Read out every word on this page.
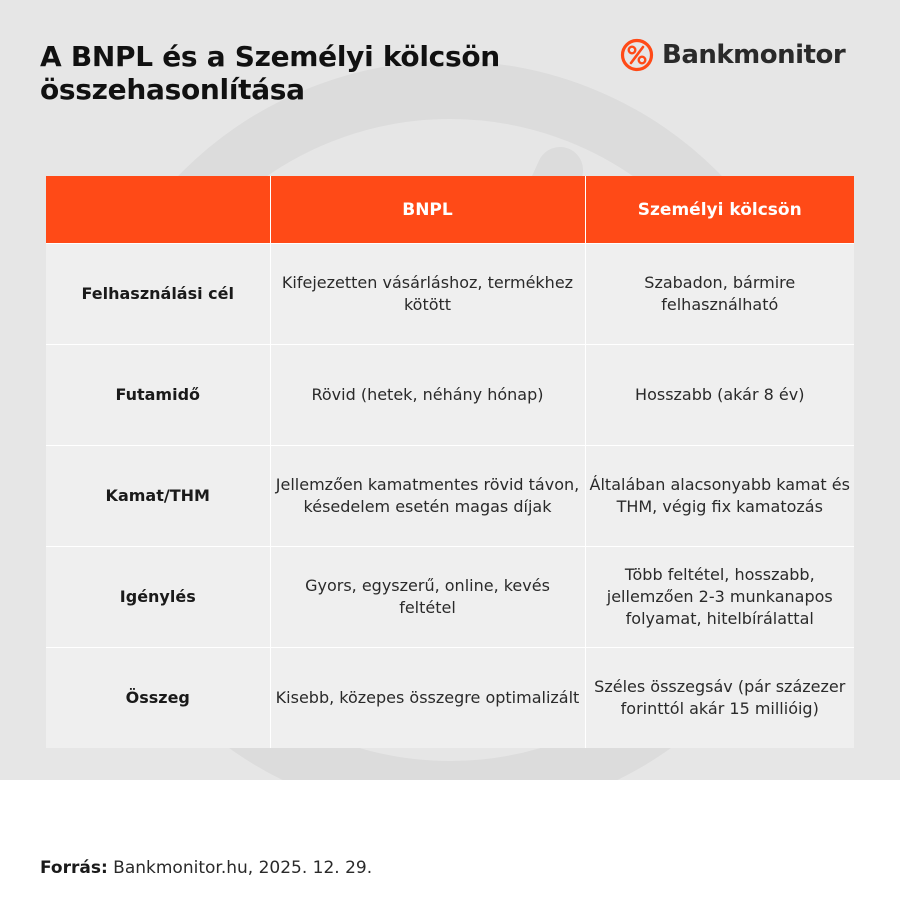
A BNPL és a Személyi kölcsön
összehasonlítása
Bankmonitor
	BNPL	Személyi kölcsön
Felhasználási cél	Kifejezetten vásárláshoz, termékhez kötött	Szabadon, bármire felhasználható
Futamidő	Rövid (hetek, néhány hónap)	Hosszabb (akár 8 év)
Kamat/THM	Jellemzően kamatmentes rövid távon, késedelem esetén magas díjak	Általában alacsonyabb kamat és THM, végig fix kamatozás
Igénylés	Gyors, egyszerű, online, kevés feltétel	Több feltétel, hosszabb, jellemzően 2-3 munkanapos folyamat, hitelbírálattal
Összeg	Kisebb, közepes összegre optimalizált	Széles összegsáv (pár százezer forinttól akár 15 millióig)
Forrás: Bankmonitor.hu, 2025. 12. 29.
